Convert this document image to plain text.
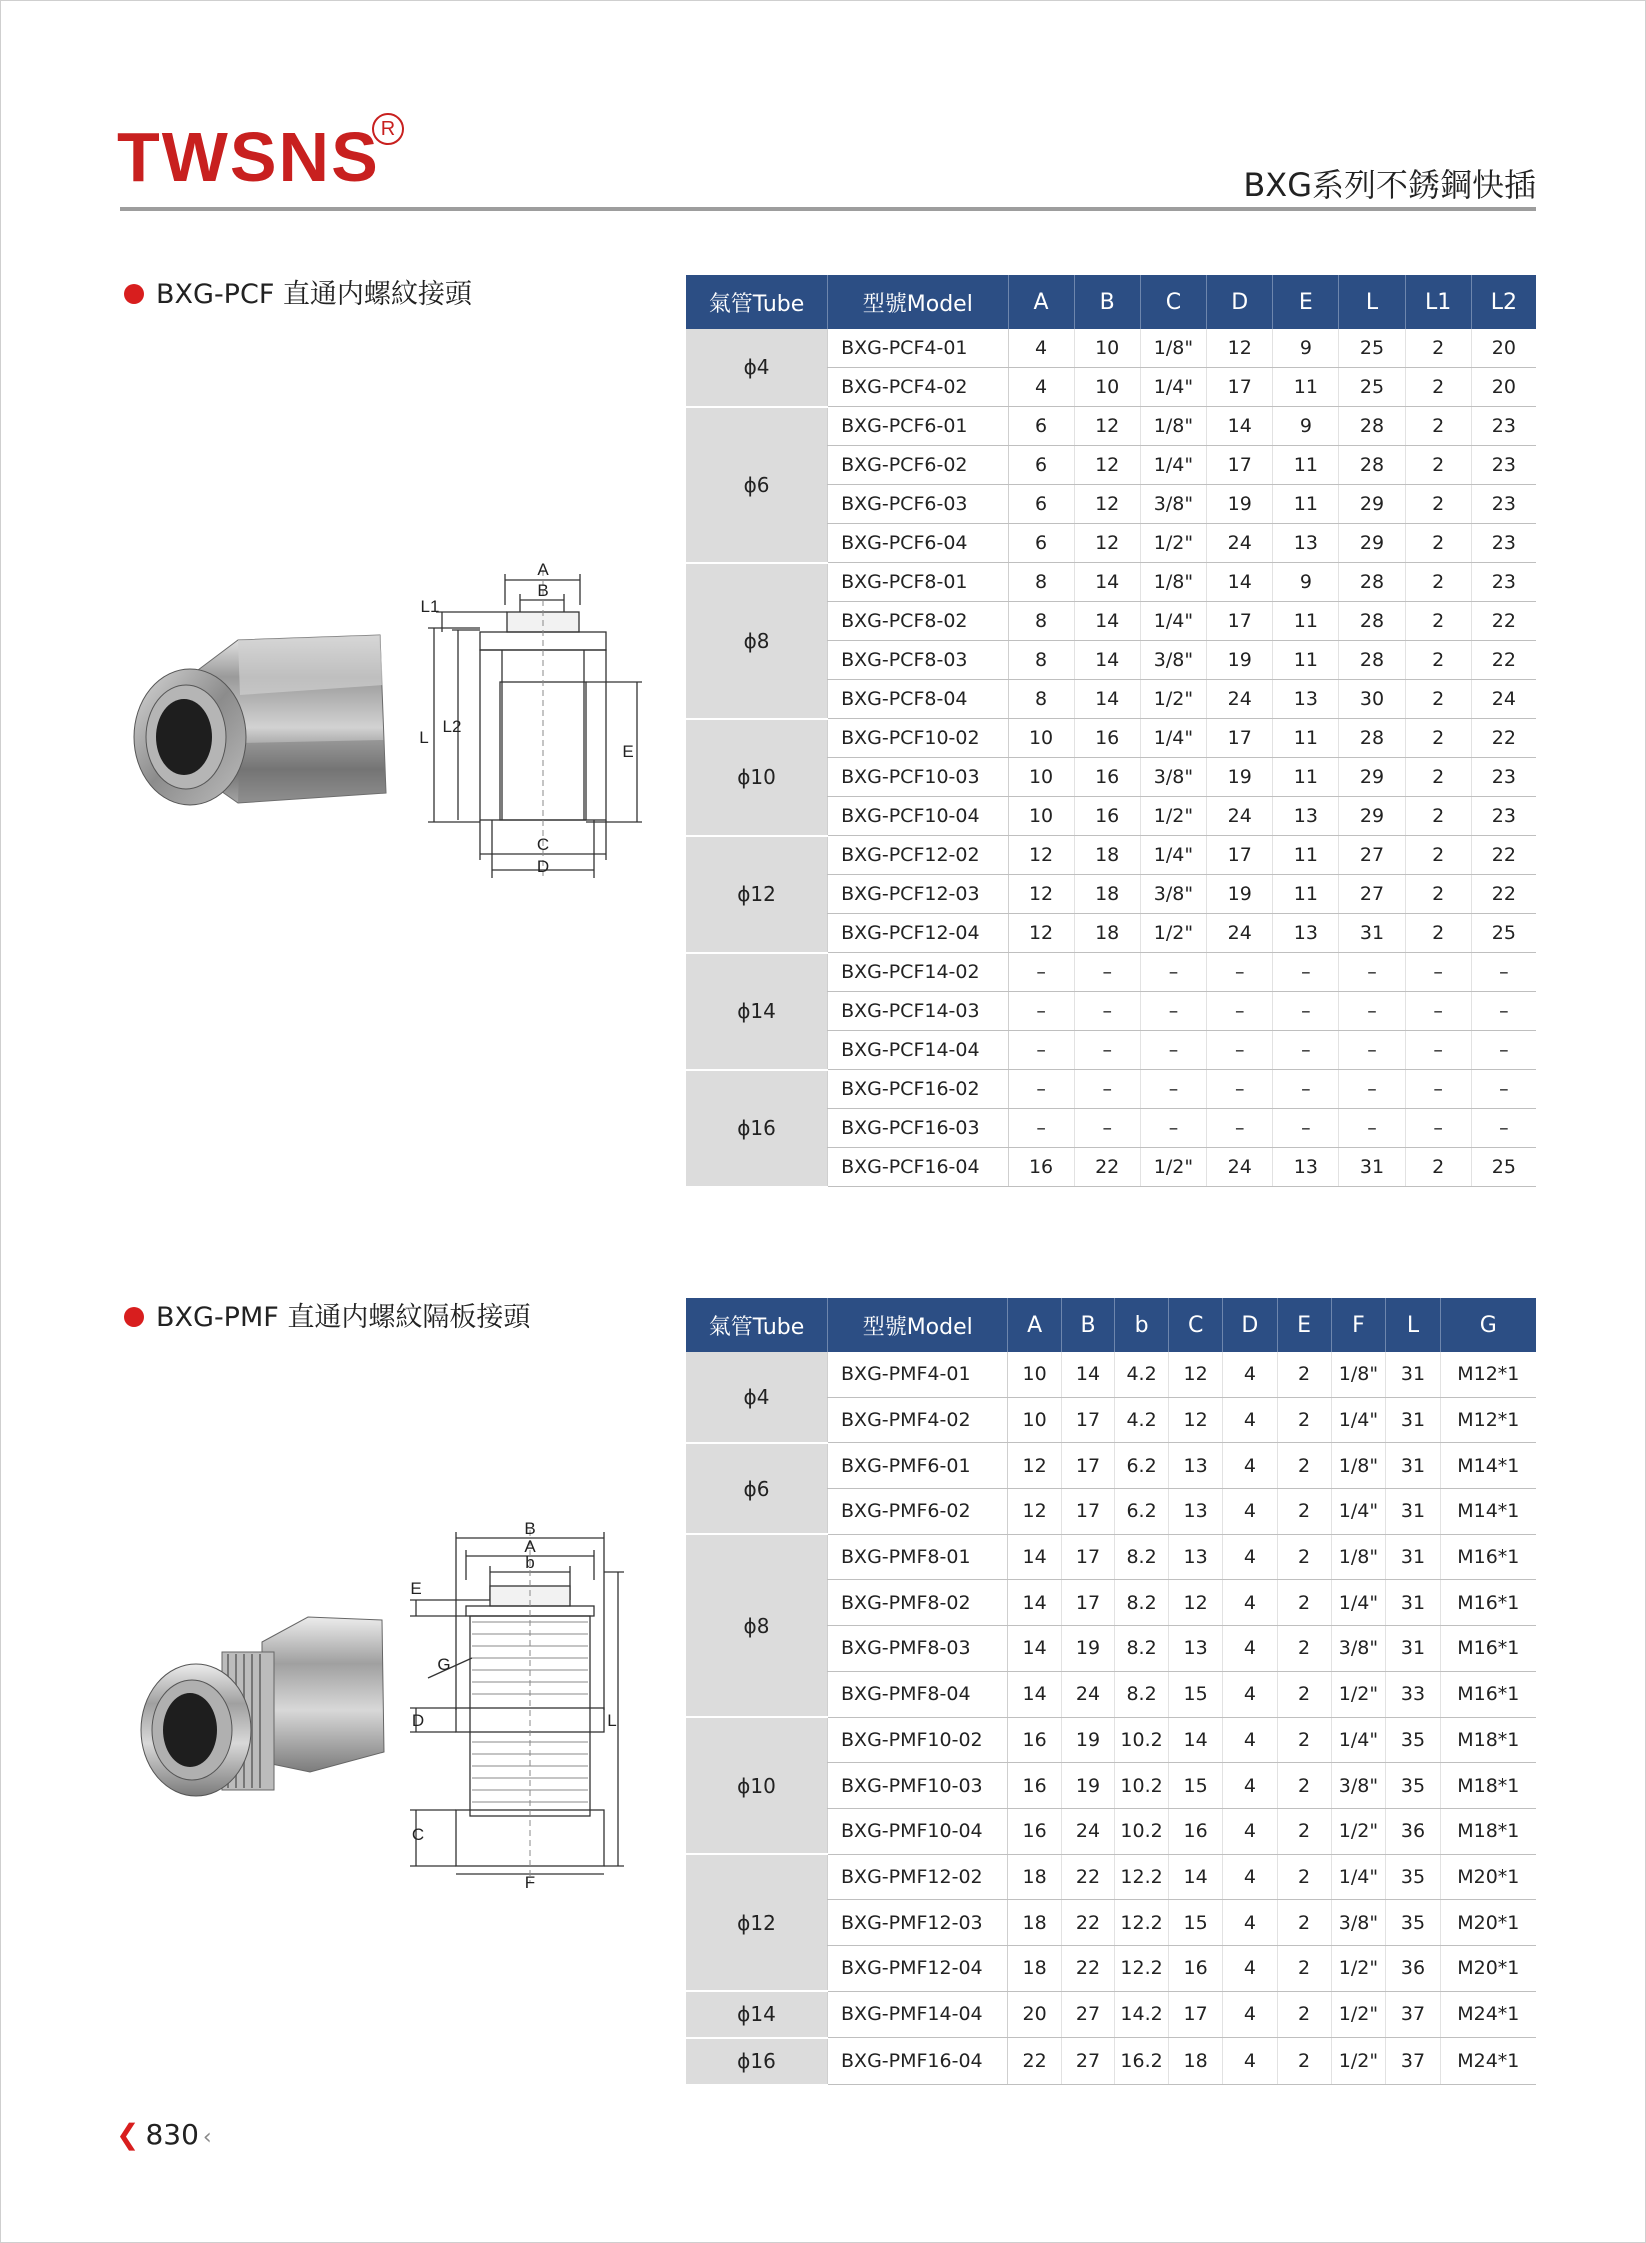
TWSNS R
BXG系列不銹鋼快插
BXG-PCF 直通内螺紋接頭
A
B
L1
L
L2
E
C
D
氣管Tube	型號Model	A	B	C	D	E	L	L1	L2
ϕ4	BXG-PCF4-01	4	10	1/8"	12	9	25	2	20
	BXG-PCF4-02	4	10	1/4"	17	11	25	2	20
ϕ6	BXG-PCF6-01	6	12	1/8"	14	9	28	2	23
	BXG-PCF6-02	6	12	1/4"	17	11	28	2	23
	BXG-PCF6-03	6	12	3/8"	19	11	29	2	23
	BXG-PCF6-04	6	12	1/2"	24	13	29	2	23
ϕ8	BXG-PCF8-01	8	14	1/8"	14	9	28	2	23
	BXG-PCF8-02	8	14	1/4"	17	11	28	2	22
	BXG-PCF8-03	8	14	3/8"	19	11	28	2	22
	BXG-PCF8-04	8	14	1/2"	24	13	30	2	24
ϕ10	BXG-PCF10-02	10	16	1/4"	17	11	28	2	22
	BXG-PCF10-03	10	16	3/8"	19	11	29	2	23
	BXG-PCF10-04	10	16	1/2"	24	13	29	2	23
ϕ12	BXG-PCF12-02	12	18	1/4"	17	11	27	2	22
	BXG-PCF12-03	12	18	3/8"	19	11	27	2	22
	BXG-PCF12-04	12	18	1/2"	24	13	31	2	25
ϕ14	BXG-PCF14-02	–	–	–	–	–	–	–	–
	BXG-PCF14-03	–	–	–	–	–	–	–	–
	BXG-PCF14-04	–	–	–	–	–	–	–	–
ϕ16	BXG-PCF16-02	–	–	–	–	–	–	–	–
	BXG-PCF16-03	–	–	–	–	–	–	–	–
	BXG-PCF16-04	16	22	1/2"	24	13	31	2	25
BXG-PMF 直通内螺紋隔板接頭
B
A
b
E
G
D	L
C
F
氣管Tube	型號Model	A	B	b	C	D	E	F	L	G
ϕ4	BXG-PMF4-01	10	14	4.2	12	4	2	1/8"	31	M12*1
	BXG-PMF4-02	10	17	4.2	12	4	2	1/4"	31	M12*1
ϕ6	BXG-PMF6-01	12	17	6.2	13	4	2	1/8"	31	M14*1
	BXG-PMF6-02	12	17	6.2	13	4	2	1/4"	31	M14*1
ϕ8	BXG-PMF8-01	14	17	8.2	13	4	2	1/8"	31	M16*1
	BXG-PMF8-02	14	17	8.2	12	4	2	1/4"	31	M16*1
	BXG-PMF8-03	14	19	8.2	13	4	2	3/8"	31	M16*1
	BXG-PMF8-04	14	24	8.2	15	4	2	1/2"	33	M16*1
ϕ10	BXG-PMF10-02	16	19	10.2	14	4	2	1/4"	35	M18*1
	BXG-PMF10-03	16	19	10.2	15	4	2	3/8"	35	M18*1
	BXG-PMF10-04	16	24	10.2	16	4	2	1/2"	36	M18*1
ϕ12	BXG-PMF12-02	18	22	12.2	14	4	2	1/4"	35	M20*1
	BXG-PMF12-03	18	22	12.2	15	4	2	3/8"	35	M20*1
	BXG-PMF12-04	18	22	12.2	16	4	2	1/2"	36	M20*1
ϕ14	BXG-PMF14-04	20	27	14.2	17	4	2	1/2"	37	M24*1
ϕ16	BXG-PMF16-04	22	27	16.2	18	4	2	1/2"	37	M24*1
❮ 830 ‹
